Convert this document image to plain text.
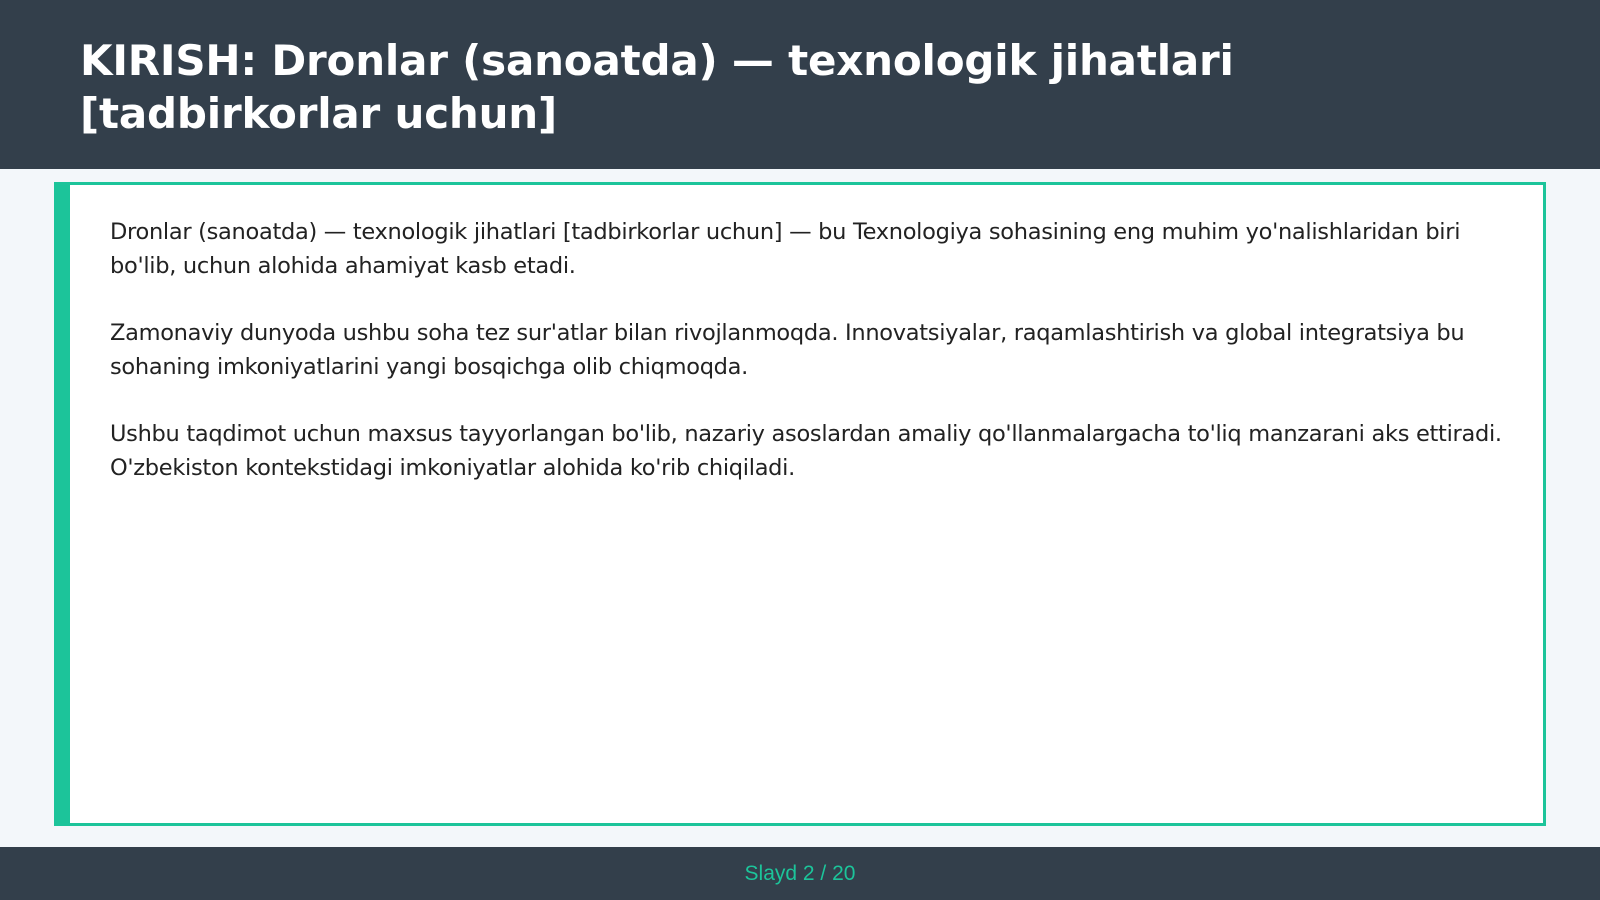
KIRISH: Dronlar (sanoatda) — texnologik jihatlari [tadbirkorlar uchun]

Dronlar (sanoatda) — texnologik jihatlari [tadbirkorlar uchun] — bu Texnologiya sohasining eng muhim yo'nalishlaridan biri bo'lib, uchun alohida ahamiyat kasb etadi.

Zamonaviy dunyoda ushbu soha tez sur'atlar bilan rivojlanmoqda. Innovatsiyalar, raqamlashtirish va global integratsiya bu sohaning imkoniyatlarini yangi bosqichga olib chiqmoqda.

Ushbu taqdimot uchun maxsus tayyorlangan bo'lib, nazariy asoslardan amaliy qo'llanmalargacha to'liq manzarani aks ettiradi. O'zbekiston kontekstidagi imkoniyatlar alohida ko'rib chiqiladi.

Slayd 2 / 20
